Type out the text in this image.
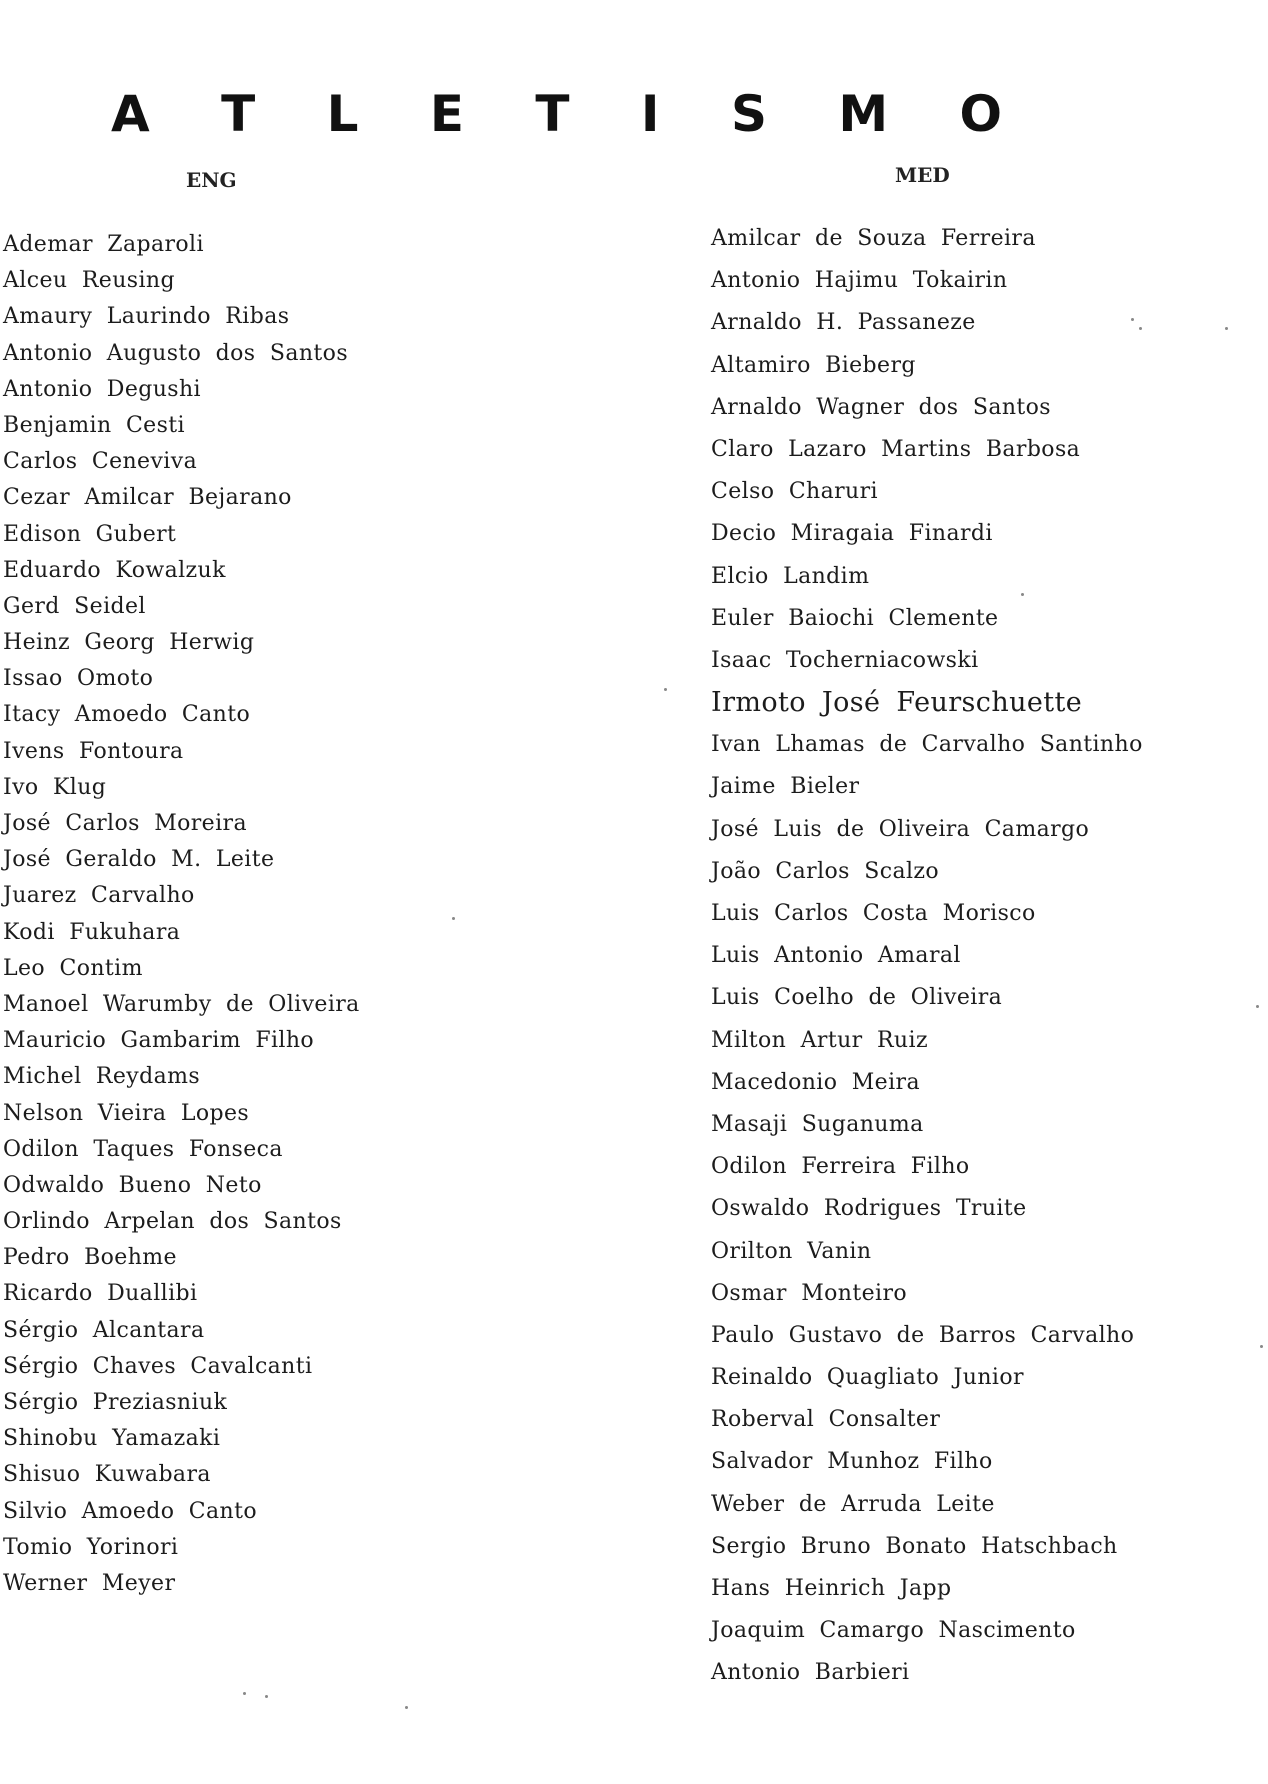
A T L E T I S M O
ENG	MED
Ademar Zaparoli
Alceu Reusing
Amaury Laurindo Ribas
Antonio Augusto dos Santos
Antonio Degushi
Benjamin Cesti
Carlos Ceneviva
Cezar Amilcar Bejarano
Edison Gubert
Eduardo Kowalzuk
Gerd Seidel
Heinz Georg Herwig
Issao Omoto
Itacy Amoedo Canto
Ivens Fontoura
Ivo Klug
José Carlos Moreira
José Geraldo M. Leite
Juarez Carvalho
Kodi Fukuhara
Leo Contim
Manoel Warumby de Oliveira
Mauricio Gambarim Filho
Michel Reydams
Nelson Vieira Lopes
Odilon Taques Fonseca
Odwaldo Bueno Neto
Orlindo Arpelan dos Santos
Pedro Boehme
Ricardo Duallibi
Sérgio Alcantara
Sérgio Chaves Cavalcanti
Sérgio Preziasniuk
Shinobu Yamazaki
Shisuo Kuwabara
Silvio Amoedo Canto
Tomio Yorinori
Werner Meyer
Amilcar de Souza Ferreira
Antonio Hajimu Tokairin
Arnaldo H. Passaneze
Altamiro Bieberg
Arnaldo Wagner dos Santos
Claro Lazaro Martins Barbosa
Celso Charuri
Decio Miragaia Finardi
Elcio Landim
Euler Baiochi Clemente
Isaac Tocherniacowski
Irmoto José Feurschuette
Ivan Lhamas de Carvalho Santinho
Jaime Bieler
José Luis de Oliveira Camargo
João Carlos Scalzo
Luis Carlos Costa Morisco
Luis Antonio Amaral
Luis Coelho de Oliveira
Milton Artur Ruiz
Macedonio Meira
Masaji Suganuma
Odilon Ferreira Filho
Oswaldo Rodrigues Truite
Orilton Vanin
Osmar Monteiro
Paulo Gustavo de Barros Carvalho
Reinaldo Quagliato Junior
Roberval Consalter
Salvador Munhoz Filho
Weber de Arruda Leite
Sergio Bruno Bonato Hatschbach
Hans Heinrich Japp
Joaquim Camargo Nascimento
Antonio Barbieri
